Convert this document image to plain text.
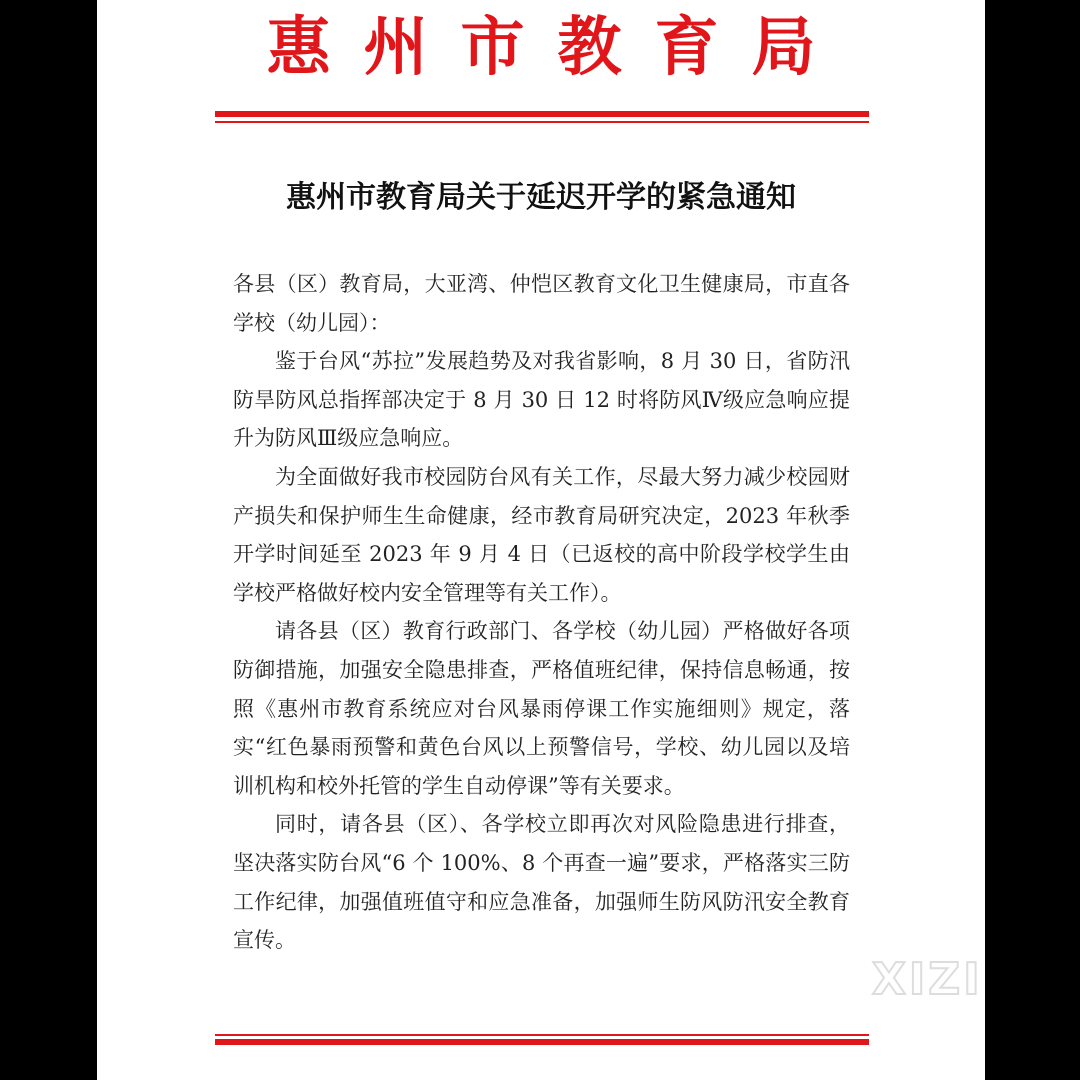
惠州市教育局
惠州市教育局关于延迟开学的紧急通知

各县（区）教育局，大亚湾、仲恺区教育文化卫生健康局，市直各学校（幼儿园）：

鉴于台风“苏拉”发展趋势及对我省影响，8 月 30 日，省防汛防旱防风总指挥部决定于 8 月 30 日 12 时将防风Ⅳ级应急响应提升为防风Ⅲ级应急响应。

为全面做好我市校园防台风有关工作，尽最大努力减少校园财产损失和保护师生生命健康，经市教育局研究决定，2023 年秋季开学时间延至 2023 年 9 月 4 日（已返校的高中阶段学校学生由学校严格做好校内安全管理等有关工作）。

请各县（区）教育行政部门、各学校（幼儿园）严格做好各项防御措施，加强安全隐患排查，严格值班纪律，保持信息畅通，按照《惠州市教育系统应对台风暴雨停课工作实施细则》规定，落实“红色暴雨预警和黄色台风以上预警信号，学校、幼儿园以及培训机构和校外托管的学生自动停课”等有关要求。

同时，请各县（区）、各学校立即再次对风险隐患进行排查，坚决落实防台风“6 个 100%、8 个再查一遍”要求，严格落实三防工作纪律，加强值班值守和应急准备，加强师生防风防汛安全教育宣传。

XIZI
